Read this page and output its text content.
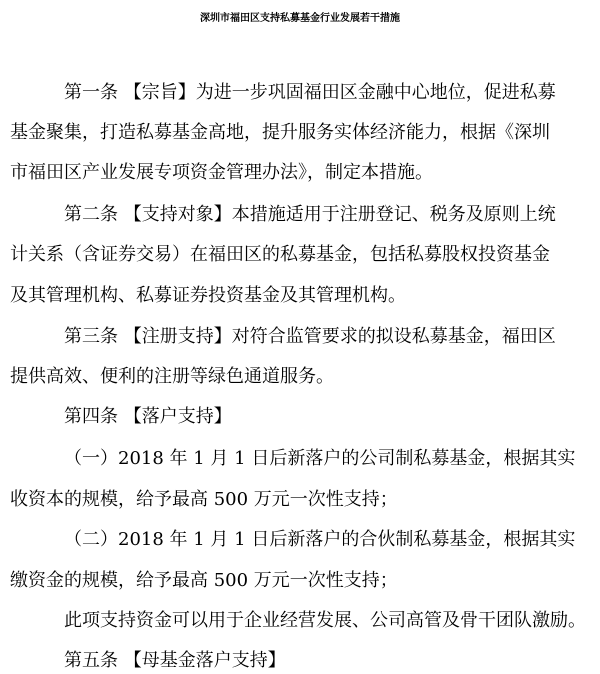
深圳市福田区支持私募基金行业发展若干措施
第一条 【宗旨】为进一步巩固福田区金融中心地位，促进私募
基金聚集，打造私募基金高地，提升服务实体经济能力，根据《深圳
市福田区产业发展专项资金管理办法》，制定本措施。
第二条 【支持对象】本措施适用于注册登记、税务及原则上统
计关系（含证券交易）在福田区的私募基金，包括私募股权投资基金
及其管理机构、私募证券投资基金及其管理机构。
第三条 【注册支持】对符合监管要求的拟设私募基金，福田区
提供高效、便利的注册等绿色通道服务。
第四条 【落户支持】
（一）2018 年 1 月 1 日后新落户的公司制私募基金，根据其实
收资本的规模，给予最高 500 万元一次性支持；
（二）2018 年 1 月 1 日后新落户的合伙制私募基金，根据其实
缴资金的规模，给予最高 500 万元一次性支持；
此项支持资金可以用于企业经营发展、公司高管及骨干团队激励。
第五条 【母基金落户支持】
